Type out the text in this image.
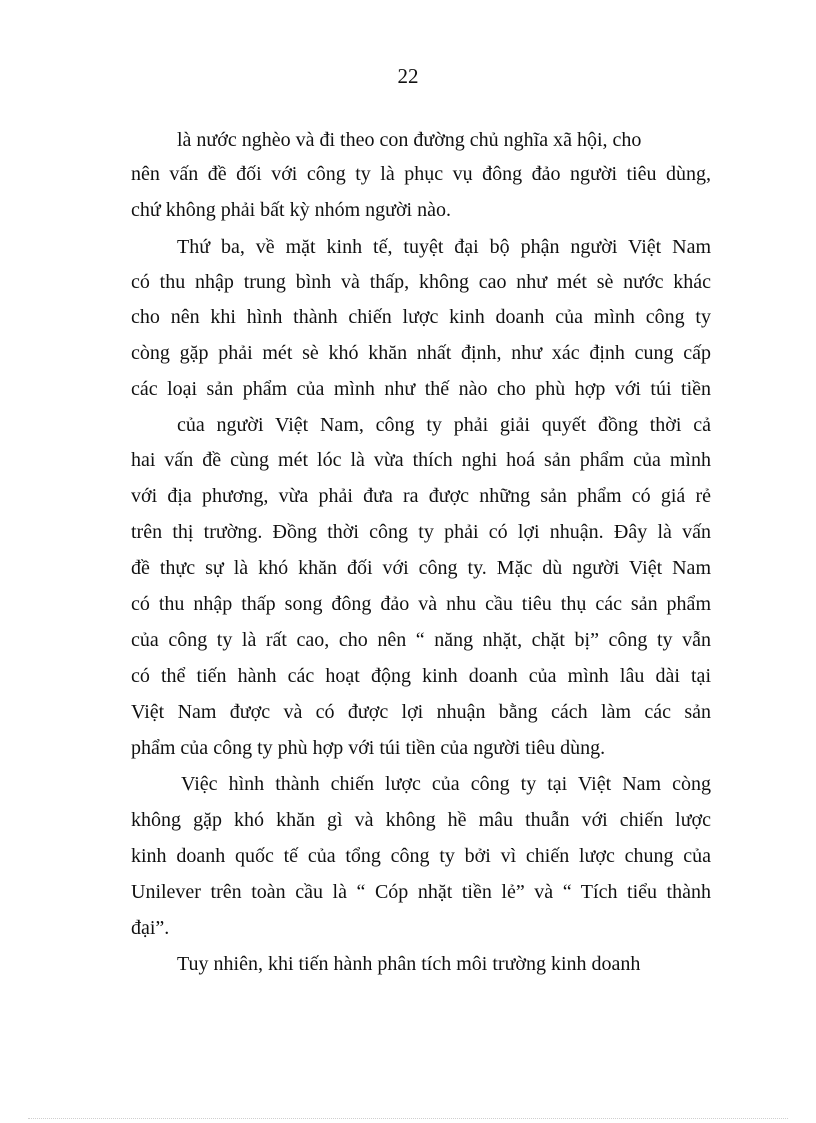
22
là nước nghèo và đi theo con đường chủ nghĩa xã hội, cho
nên vấn đề đối với công ty là phục vụ đông đảo người tiêu dùng,
chứ không phải bất kỳ nhóm người nào.
Thứ ba, về mặt kinh tế, tuyệt đại bộ phận người Việt Nam
có thu nhập trung bình và thấp, không cao như mét sè nước khác
cho nên khi hình thành chiến lược kinh doanh của mình công ty
còng gặp phải mét sè khó khăn nhất định, như xác định cung cấp
các loại sản phẩm của mình như thế nào cho phù hợp với túi tiền
của người Việt Nam, công ty phải giải quyết đồng thời cả
hai vấn đề cùng mét lóc là vừa thích nghi hoá sản phẩm của mình
với địa phương, vừa phải đưa ra được những sản phẩm có giá rẻ
trên thị trường. Đồng thời công ty phải có lợi nhuận. Đây là vấn
đề thực sự là khó khăn đối với công ty. Mặc dù người Việt Nam
có thu nhập thấp song đông đảo và nhu cầu tiêu thụ các sản phẩm
của công ty là rất cao, cho nên “ năng nhặt, chặt bị” công ty vẫn
có thể tiến hành các hoạt động kinh doanh của mình lâu dài tại
Việt Nam được và có được lợi nhuận bằng cách làm các sản
phẩm của công ty phù hợp với túi tiền của người tiêu dùng.
Việc hình thành chiến lược của công ty tại Việt Nam còng
không gặp khó khăn gì và không hề mâu thuẫn với chiến lược
kinh doanh quốc tế của tổng công ty bởi vì chiến lược chung của
Unilever trên toàn cầu là “ Cóp nhặt tiền lẻ” và “ Tích tiểu thành
đại”.
Tuy nhiên, khi tiến hành phân tích môi trường kinh doanh
